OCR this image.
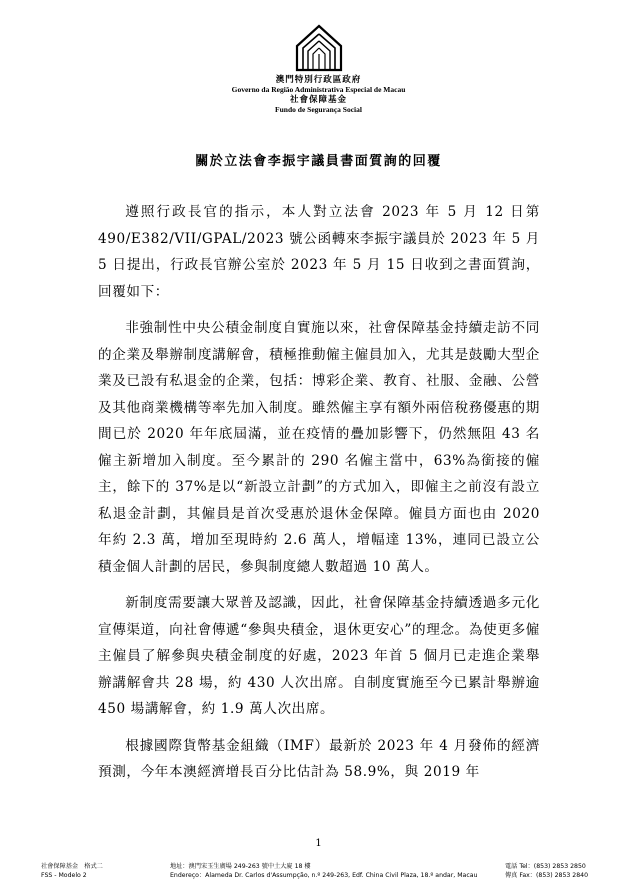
澳門特別行政區政府
Governo da Região Administrativa Especial de Macau
社會保障基金
Fundo de Segurança Social
關於立法會李振宇議員書面質詢的回覆

遵照行政長官的指示，本人對立法會 2023 年 5 月 12 日第 490/E382/VII/GPAL/2023 號公函轉來李振宇議員於 2023 年 5 月 5 日提出，行政長官辦公室於 2023 年 5 月 15 日收到之書面質詢，回覆如下：

非強制性中央公積金制度自實施以來，社會保障基金持續走訪不同的企業及舉辦制度講解會，積極推動僱主僱員加入，尤其是鼓勵大型企業及已設有私退金的企業，包括：博彩企業、教育、社服、金融、公營及其他商業機構等率先加入制度。雖然僱主享有額外兩倍稅務優惠的期間已於 2020 年年底屆滿，並在疫情的疊加影響下，仍然無阻 43 名僱主新增加入制度。至今累計的 290 名僱主當中，63%為銜接的僱主，餘下的 37%是以“新設立計劃”的方式加入，即僱主之前沒有設立私退金計劃，其僱員是首次受惠於退休金保障。僱員方面也由 2020 年約 2.3 萬，增加至現時約 2.6 萬人，增幅達 13%，連同已設立公積金個人計劃的居民，參與制度總人數超過 10 萬人。

新制度需要讓大眾普及認識，因此，社會保障基金持續透過多元化宣傳渠道，向社會傳遞“參與央積金，退休更安心”的理念。為使更多僱主僱員了解參與央積金制度的好處，2023 年首 5 個月已走進企業舉辦講解會共 28 場，約 430 人次出席。自制度實施至今已累計舉辦逾 450 場講解會，約 1.9 萬人次出席。

根據國際貨幣基金組織（IMF）最新於 2023 年 4 月發佈的經濟預測，今年本澳經濟增長百分比估計為 58.9%，與 2019 年

1
社會保障基金　格式二
FSS - Modelo 2
地址：澳門宋玉生廣場 249-263 號中土大廈 18 樓
Endereço：Alameda Dr. Carlos d'Assumpção, n.º 249-263, Edf. China Civil Plaza, 18.º andar, Macau
電話 Tel：(853) 2853 2850
傳真 Fax：(853) 2853 2840
